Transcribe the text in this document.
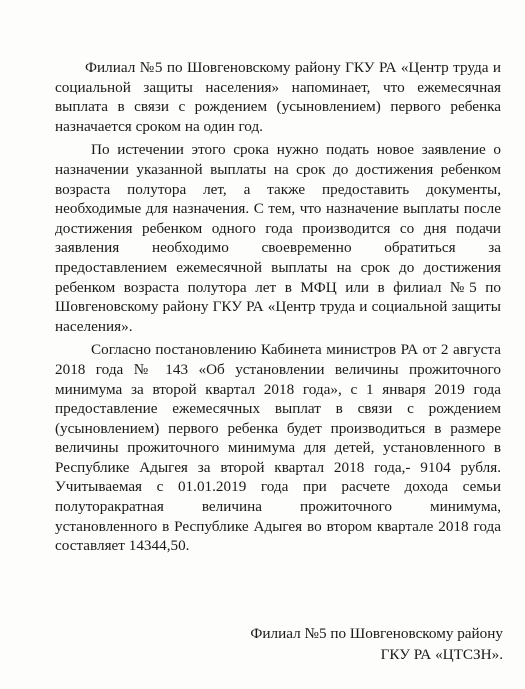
Филиал №5 по Шовгеновскому району ГКУ РА «Центр труда и социальной защиты населения» напоминает, что ежемесячная выплата в связи с рождением (усыновлением) первого ребенка назначается сроком на один год.

По истечении этого срока нужно подать новое заявление о назначении указанной выплаты на срок до достижения ребенком возраста полутора лет, а также предоставить документы, необходимые для назначения. С тем, что назначение выплаты после достижения ребенком одного года производится со дня подачи заявления необходимо своевременно обратиться за предоставлением ежемесячной выплаты на срок до достижения ребенком возраста полутора лет в МФЦ или в филиал №5 по Шовгеновскому району ГКУ РА «Центр труда и социальной защиты населения».

Согласно постановлению Кабинета министров РА от 2 августа 2018 года № 143 «Об установлении величины прожиточного минимума за второй квартал 2018 года», с 1 января 2019 года предоставление ежемесячных выплат в связи с рождением (усыновлением) первого ребенка будет производиться в размере величины прожиточного минимума для детей, установленного в Республике Адыгея за второй квартал 2018 года,- 9104 рубля. Учитываемая с 01.01.2019 года при расчете дохода семьи полуторакратная величина прожиточного минимума, установленного в Республике Адыгея во втором квартале 2018 года составляет 14344,50.

Филиал №5 по Шовгеновскому району
ГКУ РА «ЦТСЗН».
